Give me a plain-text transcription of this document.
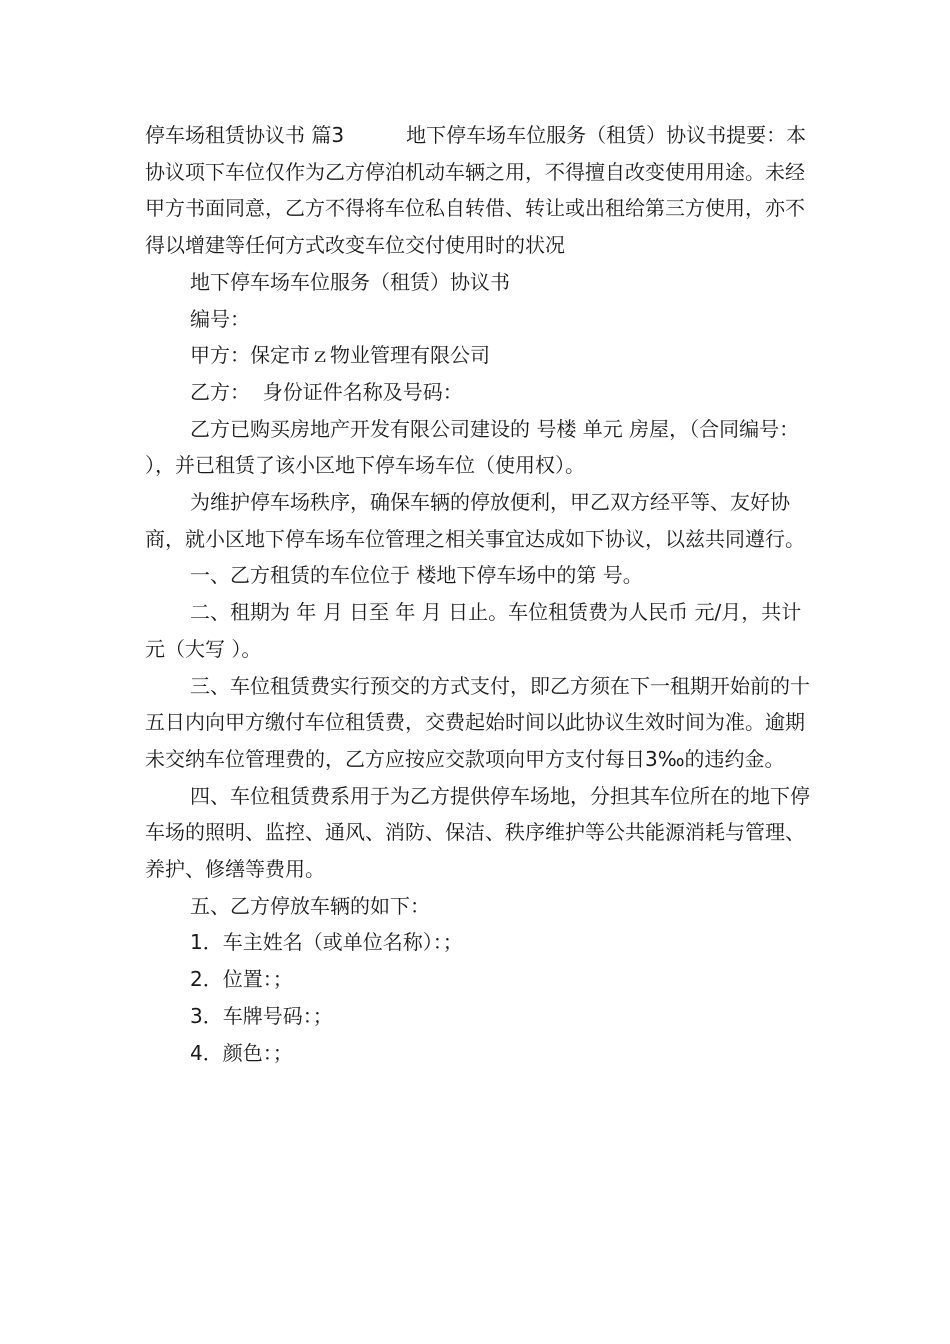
停车场租赁协议书 篇3	地下停车场车位服务（租赁）协议书提要：本协议项下车位仅作为乙方停泊机动车辆之用，不得擅自改变使用用途。未经甲方书面同意，乙方不得将车位私自转借、转让或出租给第三方使用，亦不得以增建等任何方式改变车位交付使用时的状况

地下停车场车位服务（租赁）协议书

编号：

甲方：保定市ｚ物业管理有限公司

乙方：  身份证件名称及号码：

乙方已购买房地产开发有限公司建设的 号楼 单元 房屋，（合同编号：  ），并已租赁了该小区地下停车场车位（使用权）。

为维护停车场秩序，确保车辆的停放便利，甲乙双方经平等、友好协商，就小区地下停车场车位管理之相关事宜达成如下协议，以兹共同遵行。

一、乙方租赁的车位位于 楼地下停车场中的第 号。

二、租期为 年 月 日至 年 月 日止。车位租赁费为人民币 元/月，共计 元（大写 ）。

三、车位租赁费实行预交的方式支付，即乙方须在下一租期开始前的十五日内向甲方缴付车位租赁费，交费起始时间以此协议生效时间为准。逾期未交纳车位管理费的，乙方应按应交款项向甲方支付每日3‰的违约金。

四、车位租赁费系用于为乙方提供停车场地，分担其车位所在的地下停车场的照明、监控、通风、消防、保洁、秩序维护等公共能源消耗与管理、养护、修缮等费用。

五、乙方停放车辆的如下：

1．车主姓名（或单位名称）：；

2．位置：；

3．车牌号码：；

4．颜色：；
